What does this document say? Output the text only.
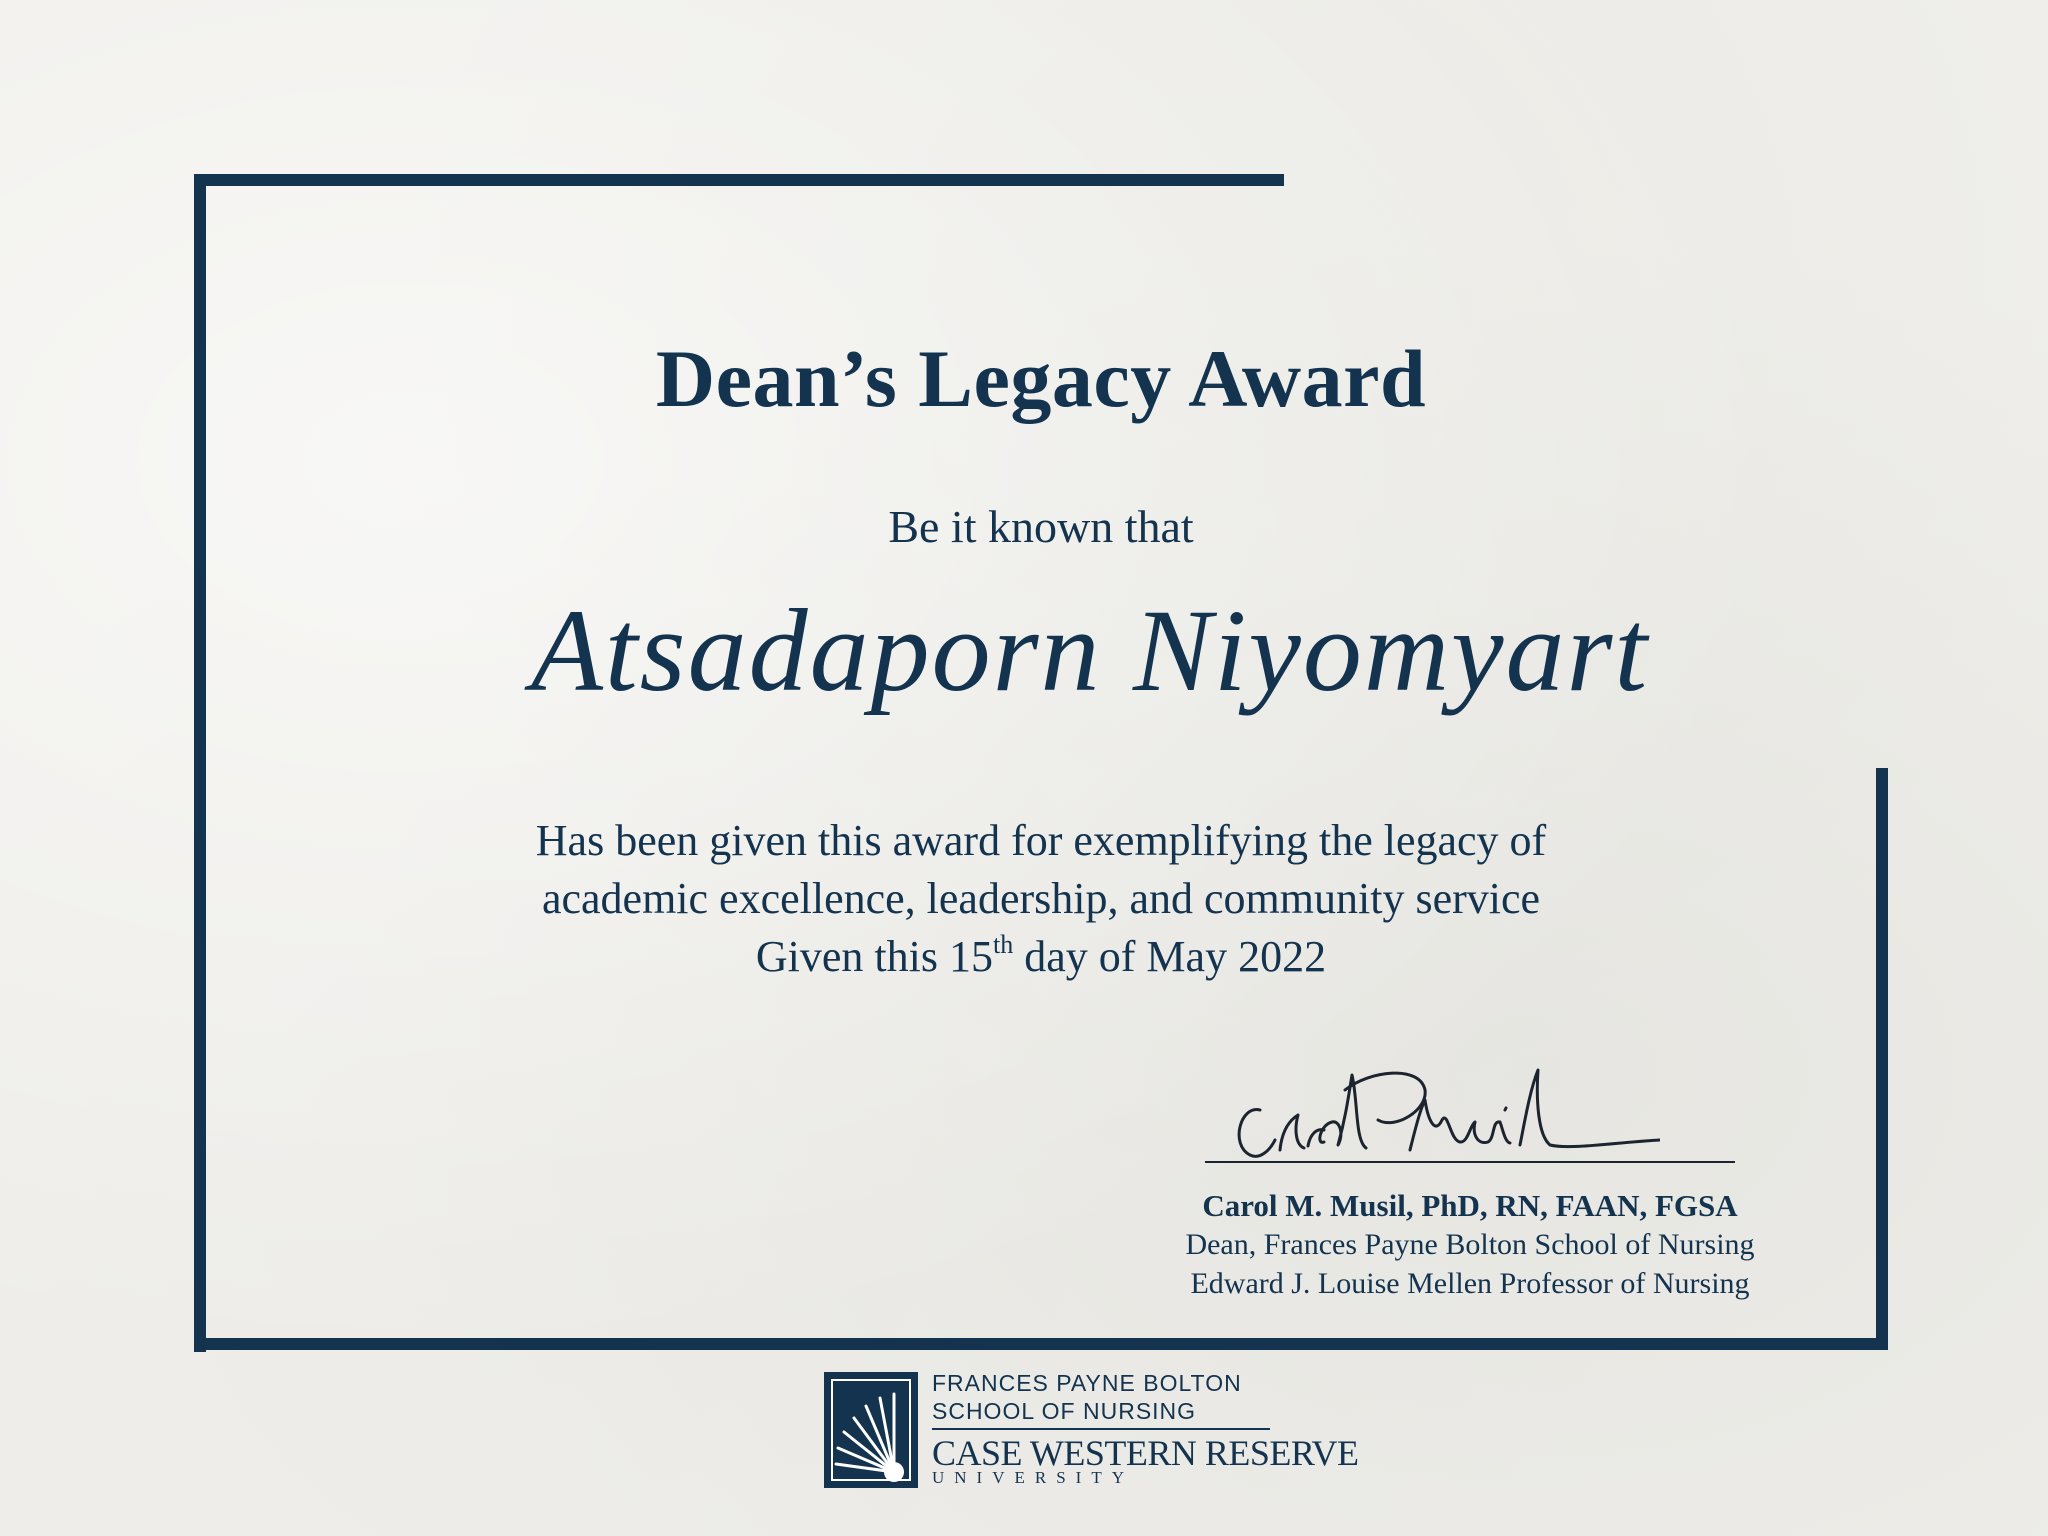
Dean’s Legacy Award
Be it known that
Atsadaporn Niyomyart
Has been given this award for exemplifying the legacy of
academic excellence, leadership, and community service
Given this 15th day of May 2022
Carol M. Musil, PhD, RN, FAAN, FGSA
Dean, Frances Payne Bolton School of Nursing
Edward J. Louise Mellen Professor of Nursing
FRANCES PAYNE BOLTON
SCHOOL OF NURSING
CASE WESTERN RESERVE
UNIVERSITY
